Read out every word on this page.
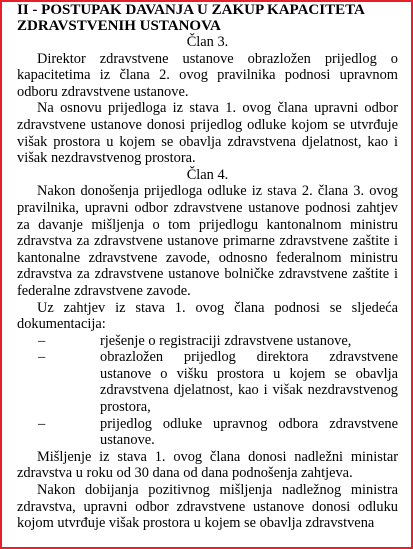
II - POSTUPAK DAVANJA U ZAKUP KAPACITETA
ZDRAVSTVENIH USTANOVA
Član 3.

Direktor zdravstvene ustanove obrazložen prijedlog o kapacitetima iz člana 2. ovog pravilnika podnosi upravnom odboru zdravstvene ustanove.

Na osnovu prijedloga iz stava 1. ovog člana upravni odbor zdravstvene ustanove donosi prijedlog odluke kojom se utvrđuje višak prostora u kojem se obavlja zdravstvena djelatnost, kao i višak nezdravstvenog prostora.

Član 4.

Nakon donošenja prijedloga odluke iz stava 2. člana 3. ovog pravilnika, upravni odbor zdravstvene ustanove podnosi zahtjev za davanje mišljenja o tom prijedlogu kantonalnom ministru zdravstva za zdravstvene ustanove primarne zdravstvene zaštite i kantonalne zdravstvene zavode, odnosno federalnom ministru zdravstva za zdravstvene ustanove bolničke zdravstvene zaštite i federalne zdravstvene zavode.

Uz zahtjev iz stava 1. ovog člana podnosi se sljedeća dokumentacija:

–	rješenje o registraciji zdravstvene ustanove,
–	obrazložen prijedlog direktora zdravstvene ustanove o višku prostora u kojem se obavlja zdravstvena djelatnost, kao i višak nezdravstvenog prostora,
–	prijedlog odluke upravnog odbora zdravstvene ustanove.

Mišljenje iz stava 1. ovog člana donosi nadležni ministar zdravstva u roku od 30 dana od dana podnošenja zahtjeva.

Nakon dobijanja pozitivnog mišljenja nadležnog ministra zdravstva, upravni odbor zdravstvene ustanove donosi odluku kojom utvrđuje višak prostora u kojem se obavlja zdravstvena
